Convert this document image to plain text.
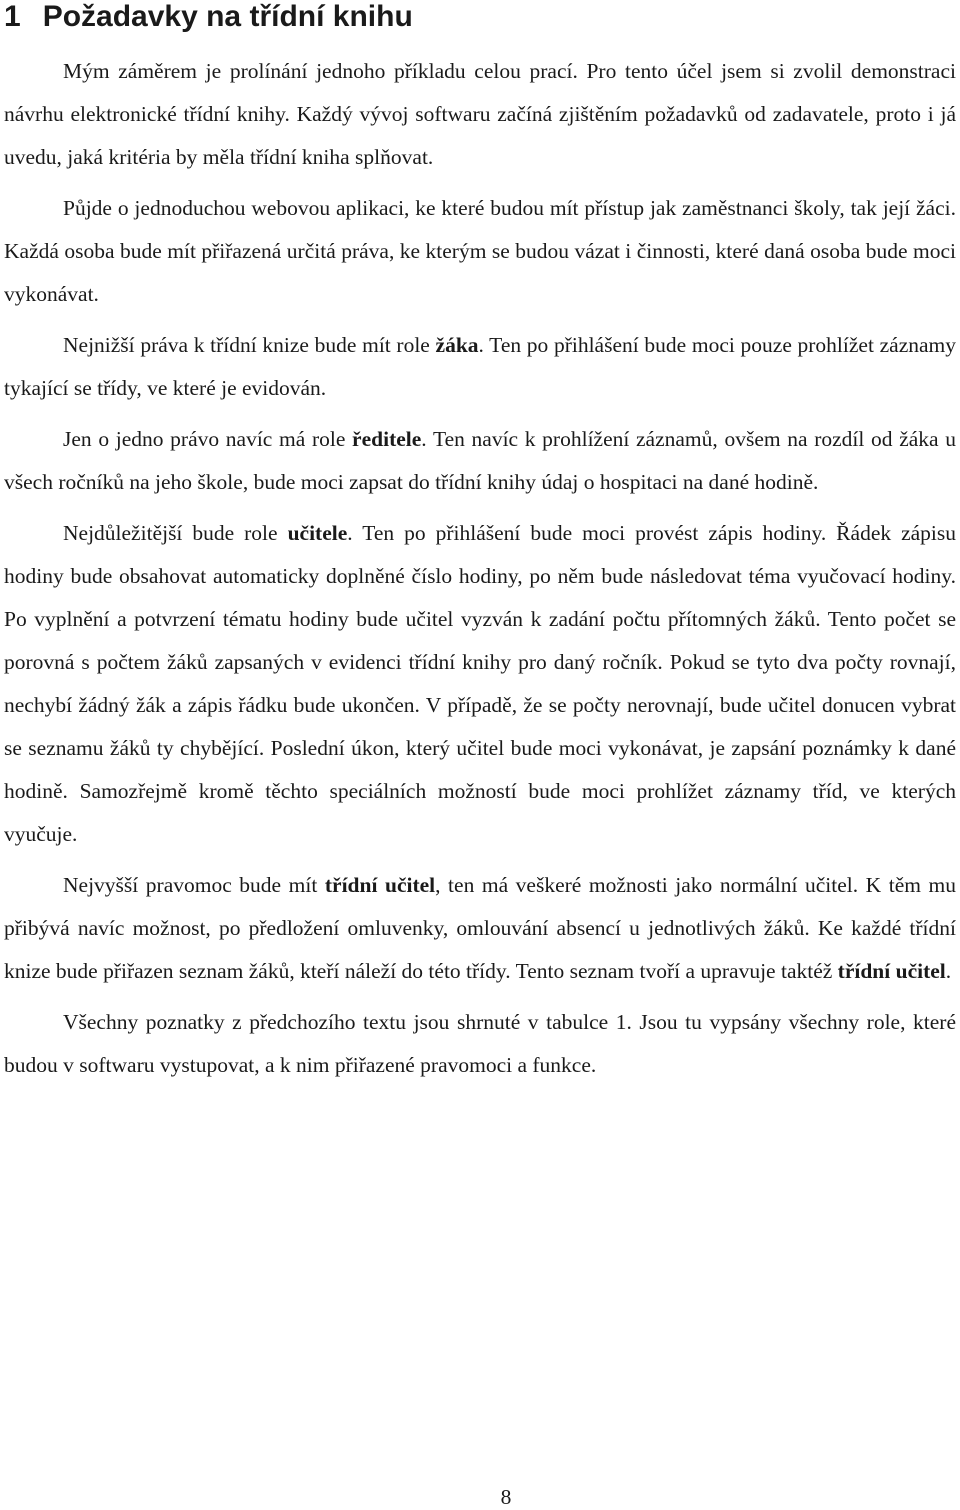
1 Požadavky na třídní knihu

Mým záměrem je prolínání jednoho příkladu celou prací. Pro tento účel jsem si zvolil demonstraci návrhu elektronické třídní knihy. Každý vývoj softwaru začíná zjištěním požadavků od zadavatele, proto i já uvedu, jaká kritéria by měla třídní kniha splňovat.

Půjde o jednoduchou webovou aplikaci, ke které budou mít přístup jak zaměstnanci školy, tak její žáci. Každá osoba bude mít přiřazená určitá práva, ke kterým se budou vázat i činnosti, které daná osoba bude moci vykonávat.

Nejnižší práva k třídní knize bude mít role žáka. Ten po přihlášení bude moci pouze prohlížet záznamy tykající se třídy, ve které je evidován.

Jen o jedno právo navíc má role ředitele. Ten navíc k prohlížení záznamů, ovšem na rozdíl od žáka u všech ročníků na jeho škole, bude moci zapsat do třídní knihy údaj o hospitaci na dané hodině.

Nejdůležitější bude role učitele. Ten po přihlášení bude moci provést zápis hodiny. Řádek zápisu hodiny bude obsahovat automaticky doplněné číslo hodiny, po něm bude následovat téma vyučovací hodiny. Po vyplnění a potvrzení tématu hodiny bude učitel vyzván k zadání počtu přítomných žáků. Tento počet se porovná s počtem žáků zapsaných v evidenci třídní knihy pro daný ročník. Pokud se tyto dva počty rovnají, nechybí žádný žák a zápis řádku bude ukončen. V případě, že se počty nerovnají, bude učitel donucen vybrat se seznamu žáků ty chybějící. Poslední úkon, který učitel bude moci vykonávat, je zapsání poznámky k dané hodině. Samozřejmě kromě těchto speciálních možností bude moci prohlížet záznamy tříd, ve kterých vyučuje.

Nejvyšší pravomoc bude mít třídní učitel, ten má veškeré možnosti jako normální učitel. K těm mu přibývá navíc možnost, po předložení omluvenky, omlouvání absencí u jednotlivých žáků. Ke každé třídní knize bude přiřazen seznam žáků, kteří náleží do této třídy. Tento seznam tvoří a upravuje taktéž třídní učitel.

Všechny poznatky z předchozího textu jsou shrnuté v tabulce 1. Jsou tu vypsány všechny role, které budou v softwaru vystupovat, a k nim přiřazené pravomoci a funkce.

8
